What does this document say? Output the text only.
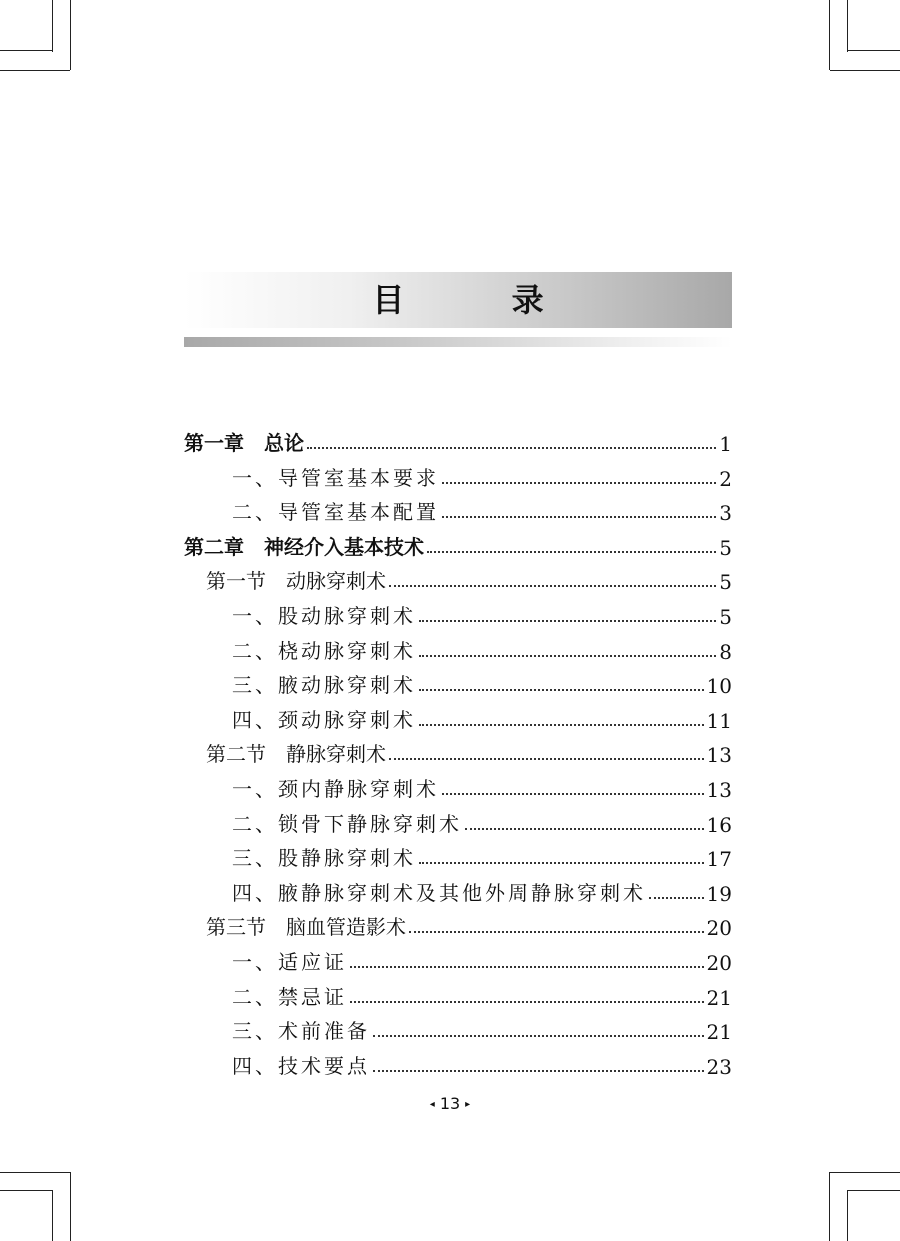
目 录
第一章　总论	1
一、导管室基本要求	2
二、导管室基本配置	3
第二章　神经介入基本技术	5
第一节　动脉穿刺术	5
一、股动脉穿刺术	5
二、桡动脉穿刺术	8
三、腋动脉穿刺术	10
四、颈动脉穿刺术	11
第二节　静脉穿刺术	13
一、颈内静脉穿刺术	13
二、锁骨下静脉穿刺术	16
三、股静脉穿刺术	17
四、腋静脉穿刺术及其他外周静脉穿刺术	19
第三节　脑血管造影术	20
一、适应证	20
二、禁忌证	21
三、术前准备	21
四、技术要点	23
◂ 13 ▸
